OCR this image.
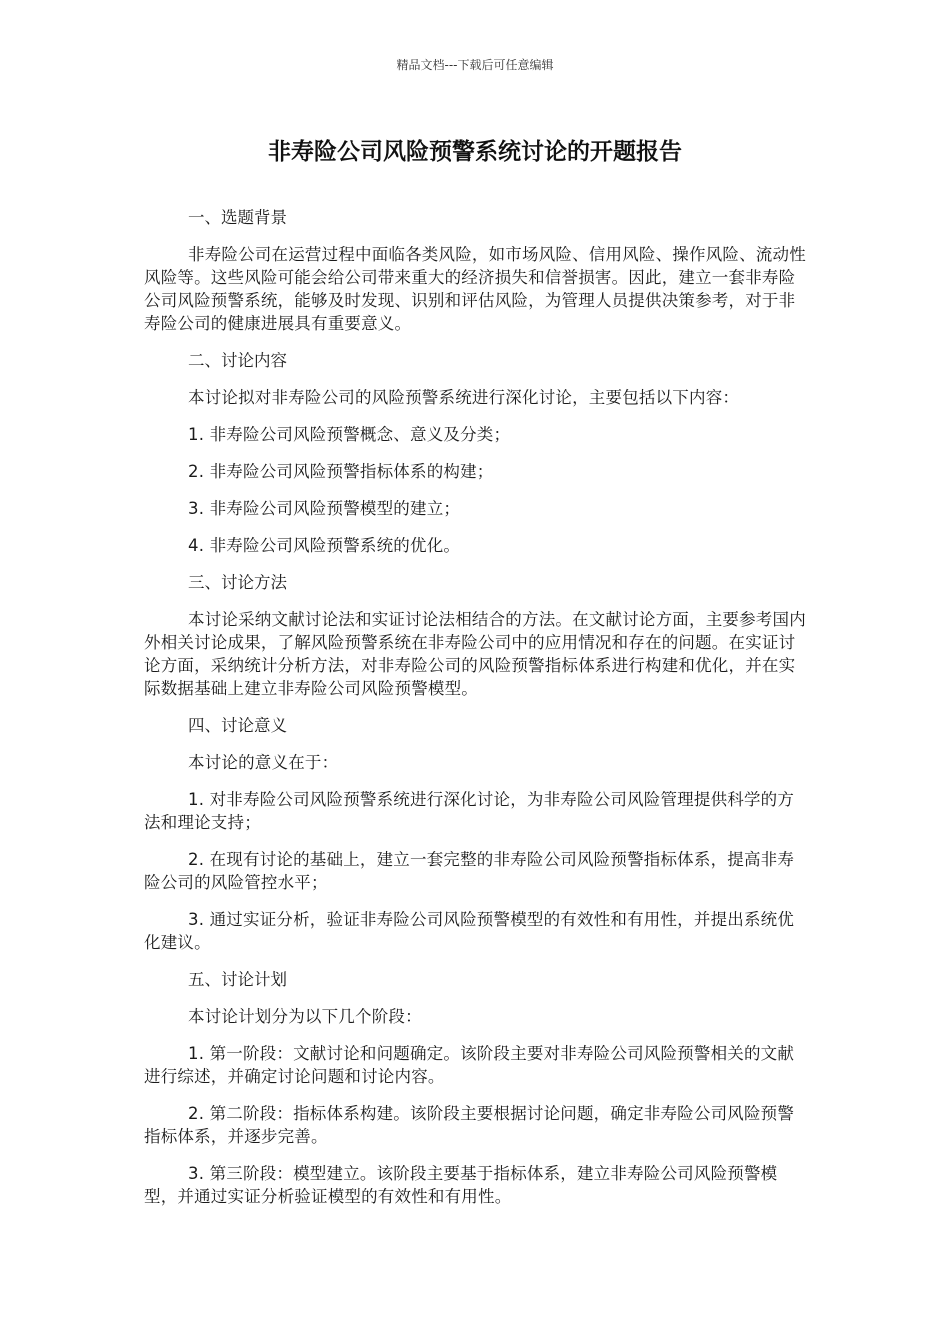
精品文档---下载后可任意编辑
非寿险公司风险预警系统讨论的开题报告

一、选题背景

非寿险公司在运营过程中面临各类风险，如市场风险、信用风险、操作风险、流动性风险等。这些风险可能会给公司带来重大的经济损失和信誉损害。因此，建立一套非寿险公司风险预警系统，能够及时发现、识别和评估风险，为管理人员提供决策参考，对于非寿险公司的健康进展具有重要意义。

二、讨论内容

本讨论拟对非寿险公司的风险预警系统进行深化讨论，主要包括以下内容：

1. 非寿险公司风险预警概念、意义及分类；

2. 非寿险公司风险预警指标体系的构建；

3. 非寿险公司风险预警模型的建立；

4. 非寿险公司风险预警系统的优化。

三、讨论方法

本讨论采纳文献讨论法和实证讨论法相结合的方法。在文献讨论方面，主要参考国内外相关讨论成果，了解风险预警系统在非寿险公司中的应用情况和存在的问题。在实证讨论方面，采纳统计分析方法，对非寿险公司的风险预警指标体系进行构建和优化，并在实际数据基础上建立非寿险公司风险预警模型。

四、讨论意义

本讨论的意义在于：

1. 对非寿险公司风险预警系统进行深化讨论，为非寿险公司风险管理提供科学的方法和理论支持；

2. 在现有讨论的基础上，建立一套完整的非寿险公司风险预警指标体系，提高非寿险公司的风险管控水平；

3. 通过实证分析，验证非寿险公司风险预警模型的有效性和有用性，并提出系统优化建议。

五、讨论计划

本讨论计划分为以下几个阶段：

1. 第一阶段：文献讨论和问题确定。该阶段主要对非寿险公司风险预警相关的文献进行综述，并确定讨论问题和讨论内容。

2. 第二阶段：指标体系构建。该阶段主要根据讨论问题，确定非寿险公司风险预警指标体系，并逐步完善。

3. 第三阶段：模型建立。该阶段主要基于指标体系，建立非寿险公司风险预警模型，并通过实证分析验证模型的有效性和有用性。
